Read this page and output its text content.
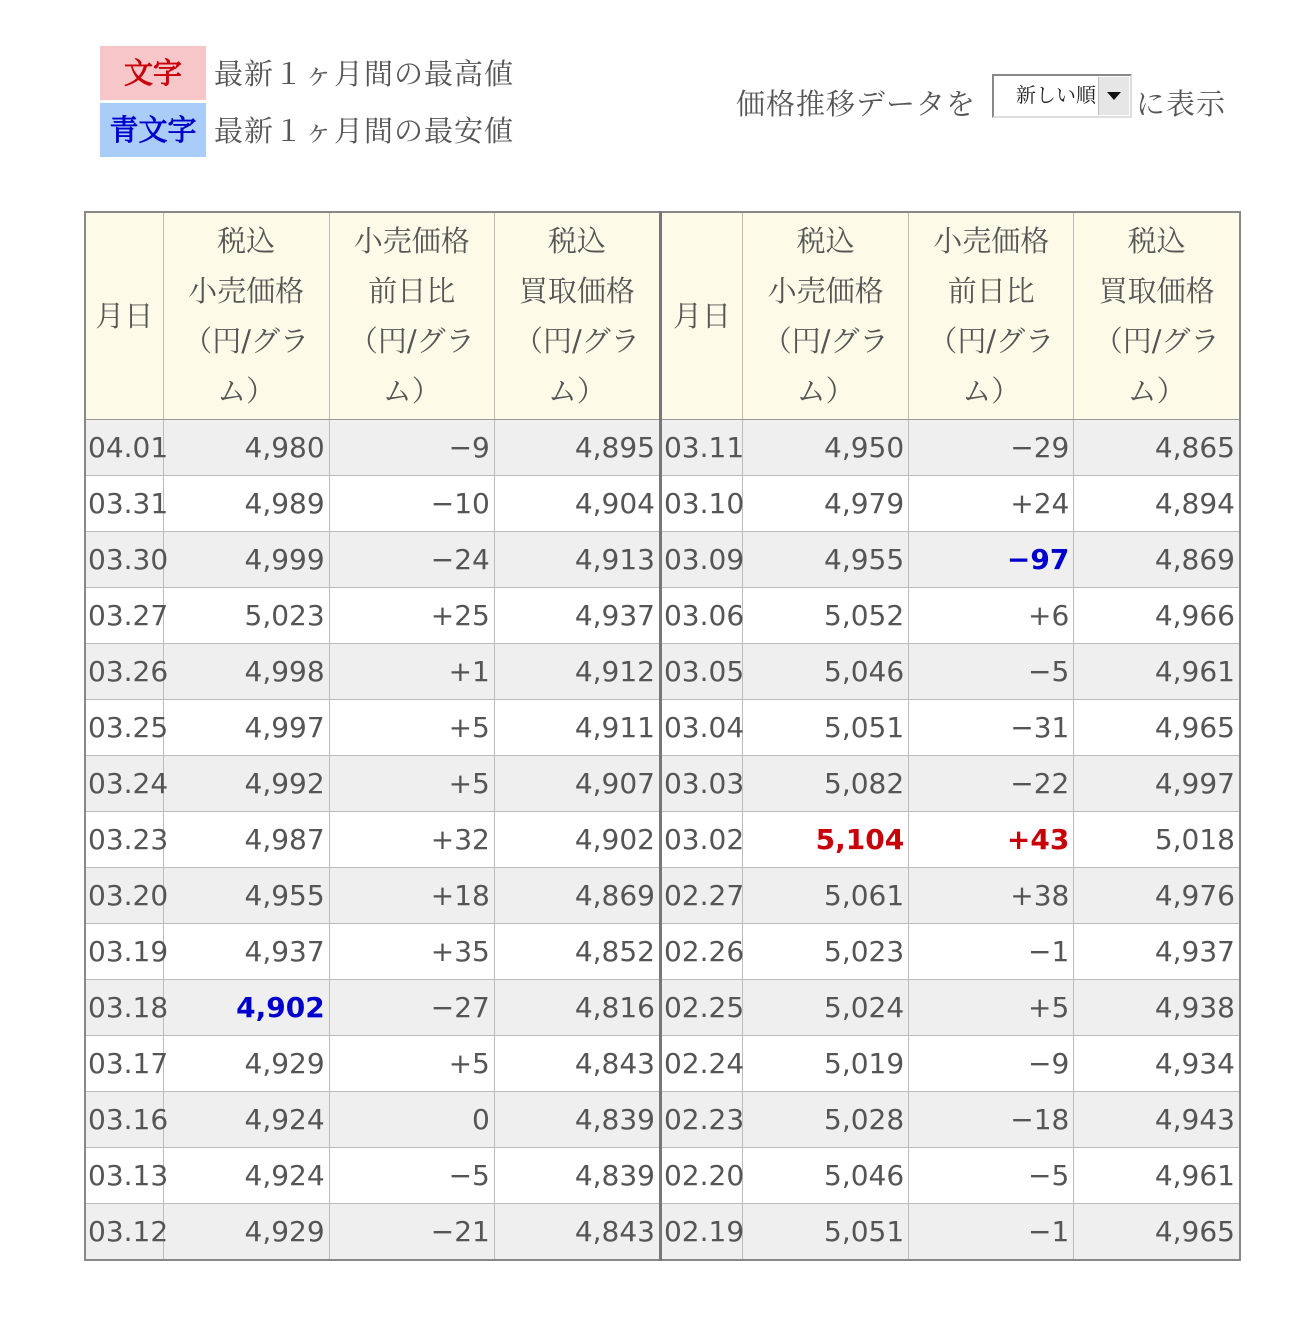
文字	最新１ヶ月間の最高値
青文字 最新１ヶ月間の最安値
価格推移データを 新しい順 に表示
月日	税込
小売価格
（円/グラ
ム）	小売価格
前日比
（円/グラ
ム）	税込
買取価格
（円/グラ
ム）	月日	税込
小売価格
（円/グラ
ム）	小売価格
前日比
（円/グラ
ム）	税込
買取価格
（円/グラ
ム）
04.01	4,980	−9	4,895	03.11	4,950	−29	4,865
03.31	4,989	−10	4,904	03.10	4,979	+24	4,894
03.30	4,999	−24	4,913	03.09	4,955	−97	4,869
03.27	5,023	+25	4,937	03.06	5,052	+6	4,966
03.26	4,998	+1	4,912	03.05	5,046	−5	4,961
03.25	4,997	+5	4,911	03.04	5,051	−31	4,965
03.24	4,992	+5	4,907	03.03	5,082	−22	4,997
03.23	4,987	+32	4,902	03.02	5,104	+43	5,018
03.20	4,955	+18	4,869	02.27	5,061	+38	4,976
03.19	4,937	+35	4,852	02.26	5,023	−1	4,937
03.18	4,902	−27	4,816	02.25	5,024	+5	4,938
03.17	4,929	+5	4,843	02.24	5,019	−9	4,934
03.16	4,924	0	4,839	02.23	5,028	−18	4,943
03.13	4,924	−5	4,839	02.20	5,046	−5	4,961
03.12	4,929	−21	4,843	02.19	5,051	−1	4,965
